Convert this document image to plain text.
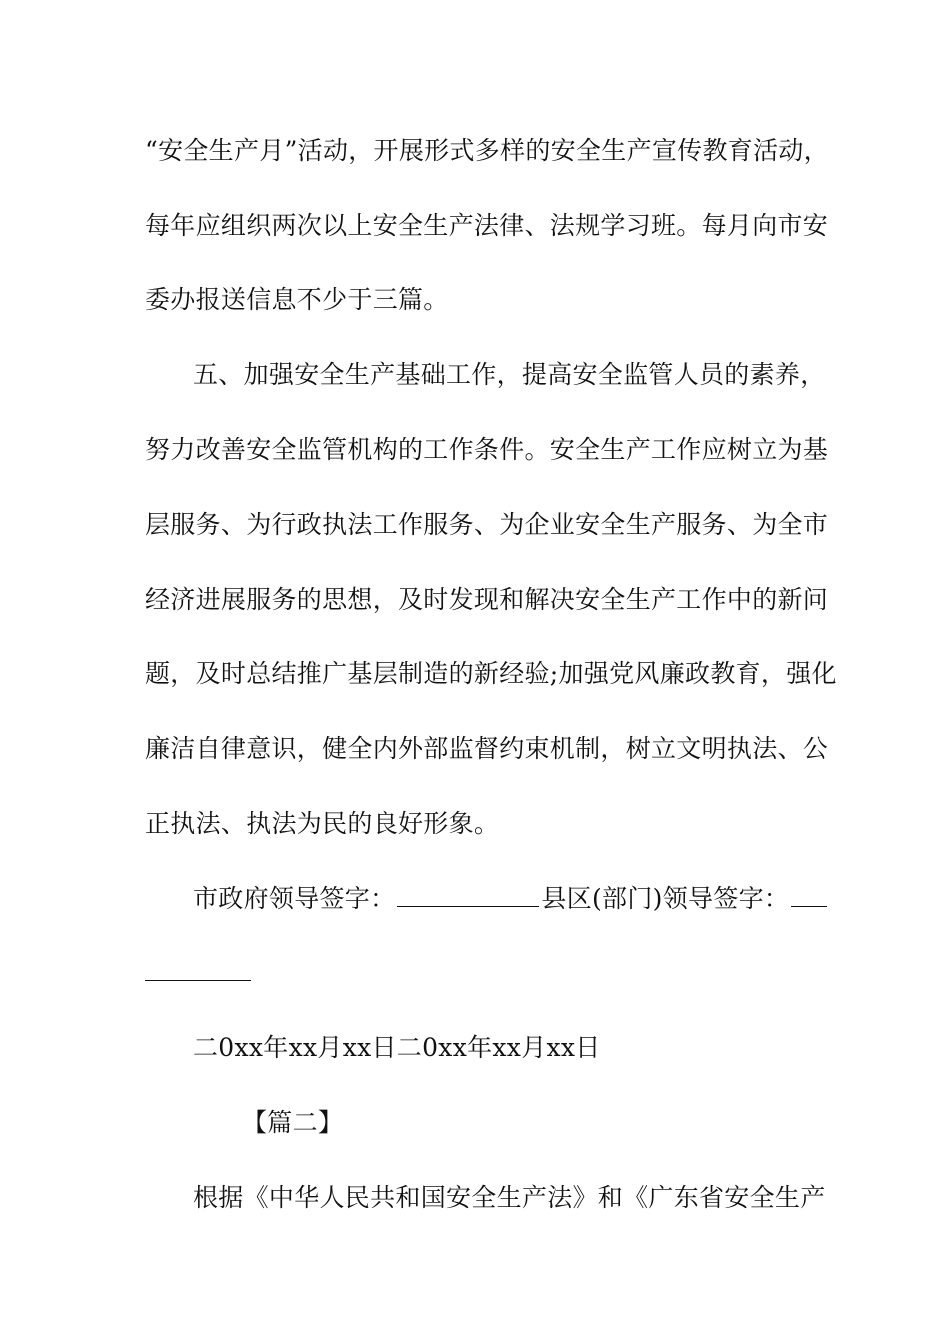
“安全生产月”活动，开展形式多样的安全生产宣传教育活动，
每年应组织两次以上安全生产法律、法规学习班。每月向市安
委办报送信息不少于三篇。
五、加强安全生产基础工作，提高安全监管人员的素养，
努力改善安全监管机构的工作条件。安全生产工作应树立为基
层服务、为行政执法工作服务、为企业安全生产服务、为全市
经济进展服务的思想，及时发现和解决安全生产工作中的新问
题，及时总结推广基层制造的新经验;加强党风廉政教育，强化
廉洁自律意识，健全内外部监督约束机制，树立文明执法、公
正执法、执法为民的良好形象。
市政府领导签字：	县区(部门)领导签字：
二0xx年xx月xx日二0xx年xx月xx日
【篇二】
根据《中华人民共和国安全生产法》和《广东省安全生产
